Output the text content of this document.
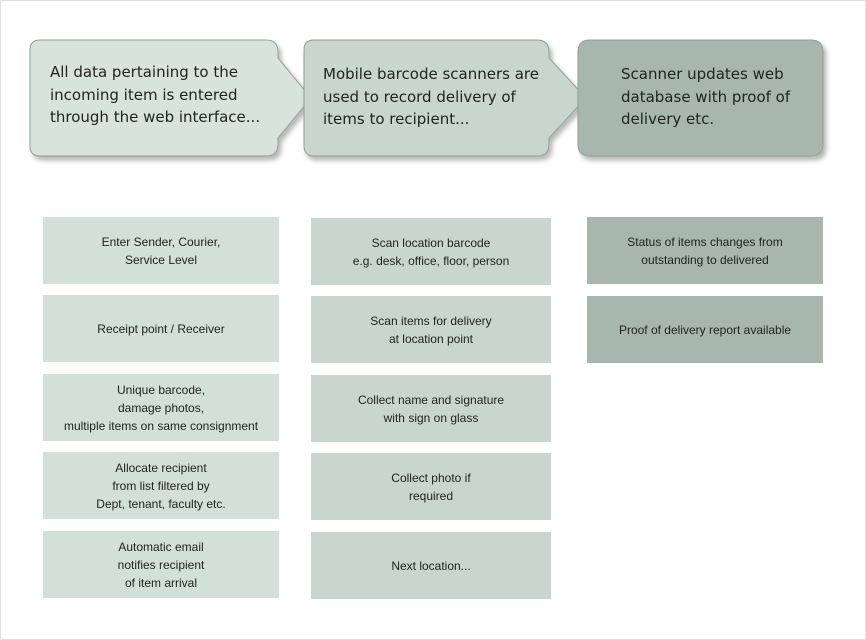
All data pertaining to the
incoming item is entered
through the web interface...
Mobile barcode scanners are
used to record delivery of
items to recipient...
Scanner updates web
database with proof of
delivery etc.
Enter Sender, Courier,
Service Level
Receipt point / Receiver
Unique barcode,
damage photos,
multiple items on same consignment
Allocate recipient
from list filtered by
Dept, tenant, faculty etc.
Automatic email
notifies recipient
of item arrival
Scan location barcode
e.g. desk, office, floor, person
Scan items for delivery
at location point
Collect name and signature
with sign on glass
Collect photo if
required
Next location...
Status of items changes from
outstanding to delivered
Proof of delivery report available
